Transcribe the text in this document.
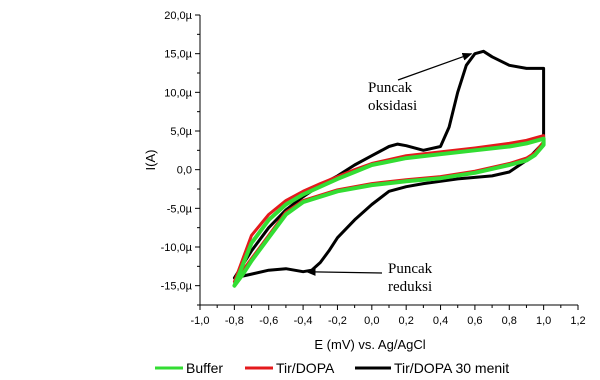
20,0µ
15,0µ
10,0µ
5,0µ
0,0
-5,0µ
-10,0µ
-15,0µ
-1,0 -0,8 -0,6 -0,4 -0,2 0,0 0,2 0,4 0,6 0,8 1,0 1,2
I(A)
E (mV) vs. Ag/AgCl
Puncak
oksidasi
Puncak
reduksi
Buffer	Tir/DOPA	Tir/DOPA 30 menit
